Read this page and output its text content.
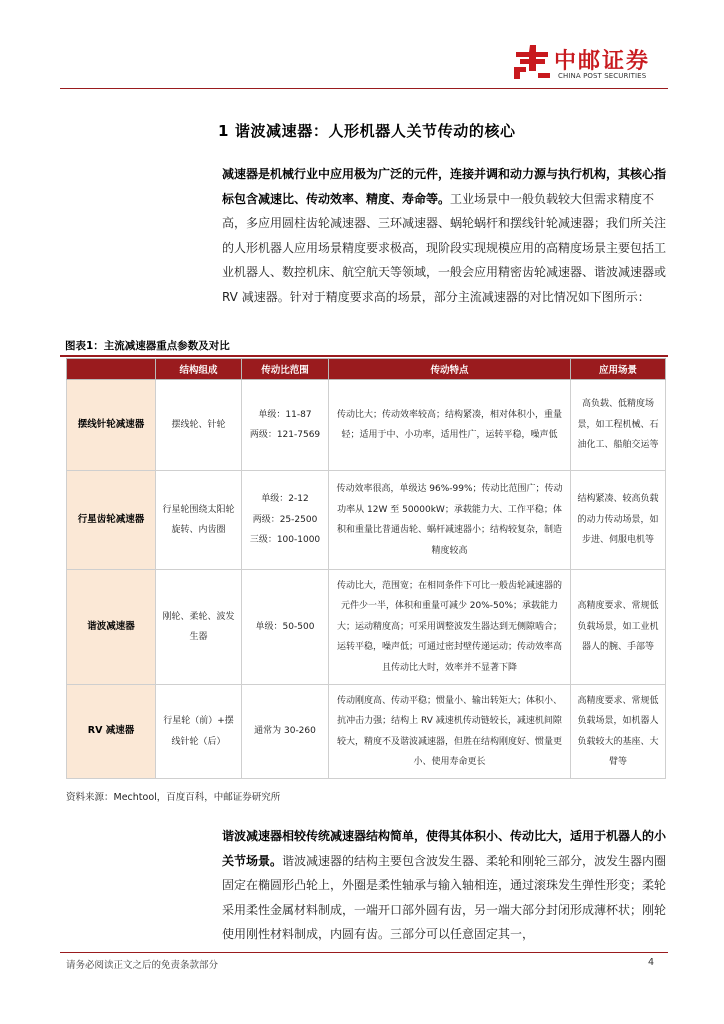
中邮证券
CHINA POST SECURITIES
1 谐波减速器：人形机器人关节传动的核心

减速器是机械行业中应用极为广泛的元件，连接并调和动力源与执行机构，其核心指标包含减速比、传动效率、精度、寿命等。工业场景中一般负载较大但需求精度不高，多应用圆柱齿轮减速器、三环减速器、蜗轮蜗杆和摆线针轮减速器；我们所关注的人形机器人应用场景精度要求极高，现阶段实现规模应用的高精度场景主要包括工业机器人、数控机床、航空航天等领域，一般会应用精密齿轮减速器、谐波减速器或 RV 减速器。针对于精度要求高的场景，部分主流减速器的对比情况如下图所示：

图表1：主流减速器重点参数及对比
	结构组成	传动比范围	传动特点	应用场景
摆线针轮减速器	摆线轮、针轮	单级：11-87
两级：121-7569	传动比大；传动效率较高；结构紧凑，相对体积小，重量轻；适用于中、小功率，适用性广，运转平稳，噪声低	高负载、低精度场景，如工程机械、石油化工、船舶交运等
行星齿轮减速器	行星轮围绕太阳轮旋转、内齿圈	单级：2-12
两级：25-2500
三级：100-1000	传动效率很高，单级达 96%-99%；传动比范围广；传动功率从 12W 至 50000kW；承载能力大、工作平稳；体积和重量比普通齿轮、蜗杆减速器小；结构较复杂，制造精度较高	结构紧凑、较高负载的动力传动场景，如步进、伺服电机等
谐波减速器	刚轮、柔轮、波发生器	单级：50-500	传动比大，范围宽；在相同条件下可比一般齿轮减速器的元件少一半，体积和重量可减少 20%-50%；承载能力大；运动精度高；可采用调整波发生器达到无侧隙啮合；运转平稳，噪声低；可通过密封壁传递运动；传动效率高且传动比大时，效率并不显著下降	高精度要求、常规低负载场景，如工业机器人的腕、手部等
RV 减速器	行星轮（前）+摆线针轮（后）	通常为 30-260	传动刚度高、传动平稳；惯量小、输出转矩大；体积小、抗冲击力强；结构上 RV 减速机传动链较长，减速机间隙较大，精度不及谐波减速器，但胜在结构刚度好、惯量更小、使用寿命更长	高精度要求、常规低负载场景，如机器人负载较大的基座、大臂等
资料来源：Mechtool，百度百科，中邮证券研究所

谐波减速器相较传统减速器结构简单，使得其体积小、传动比大，适用于机器人的小关节场景。谐波减速器的结构主要包含波发生器、柔轮和刚轮三部分，波发生器内圈固定在椭圆形凸轮上，外圈是柔性轴承与输入轴相连，通过滚珠发生弹性形变；柔轮采用柔性金属材料制成，一端开口部外圆有齿，另一端大部分封闭形成薄杯状；刚轮使用刚性材料制成，内圆有齿。三部分可以任意固定其一，

请务必阅读正文之后的免责条款部分	4
